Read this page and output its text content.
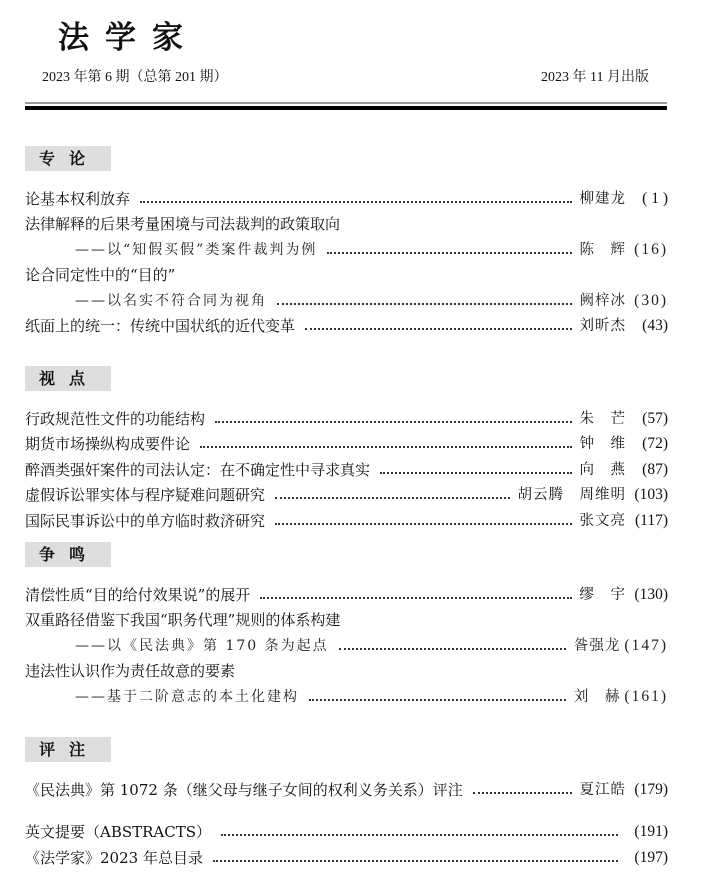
法学家
2023 年第 6 期（总第 201 期）	2023 年 11 月出版
专论
论基本权利放弃	柳建龙	( 1 )
法律解释的后果考量困境与司法裁判的政策取向
——以“知假买假”类案件裁判为例	陈　辉 (16)
论合同定性中的“目的”
——以名实不符合同为视角	阙梓冰 (30)
纸面上的统一：传统中国状纸的近代变革	刘昕杰	(43)
视点
行政规范性文件的功能结构	朱　芒	(57)
期货市场操纵构成要件论	钟　维	(72)
醉酒类强奸案件的司法认定：在不确定性中寻求真实	向　燕	(87)
虚假诉讼罪实体与程序疑难问题研究	胡云腾　周维明 (103)
国际民事诉讼中的单方临时救济研究	张文亮 (117)
争鸣
清偿性质“目的给付效果说”的展开	缪　宇 (130)
双重路径借鉴下我国“职务代理”规则的体系构建
——以《民法典》第 170 条为起点	昝强龙 (147)
违法性认识作为责任故意的要素
——基于二阶意志的本土化建构	刘　赫 (161)
评注
《民法典》第 1072 条（继父母与继子女间的权利义务关系）评注	夏江皓 (179)
英文提要（ABSTRACTS）	(191)
《法学家》2023 年总目录	(197)
